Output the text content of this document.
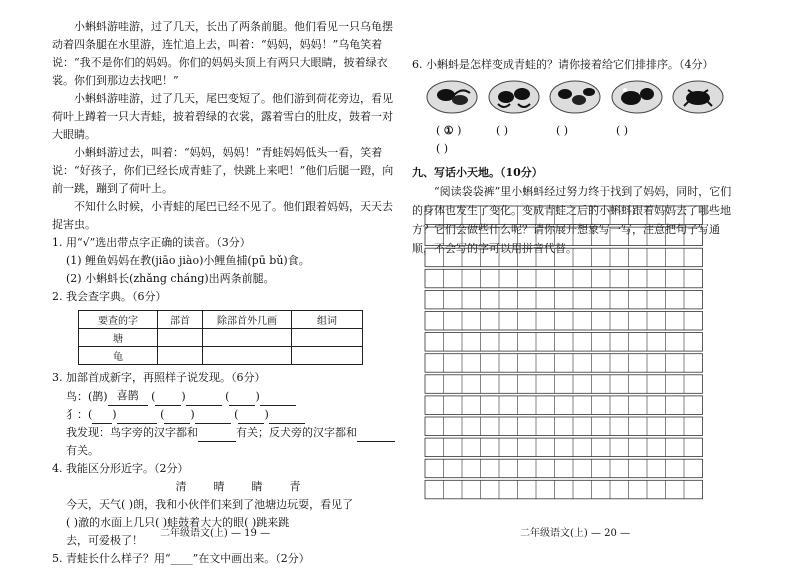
小蝌蚪游哇游，过了几天，长出了两条前腿。他们看见一只乌龟摆动着四条腿在水里游，连忙追上去，叫着：“妈妈，妈妈！”乌龟笑着说：“我不是你们的妈妈。你们的妈妈头顶上有两只大眼睛，披着绿衣裳。你们到那边去找吧！”

小蝌蚪游哇游，过了几天，尾巴变短了。他们游到荷花旁边，看见荷叶上蹲着一只大青蛙，披着碧绿的衣裳，露着雪白的肚皮，鼓着一对大眼睛。

小蝌蚪游过去，叫着：“妈妈，妈妈！”青蛙妈妈低头一看，笑着说：“好孩子，你们已经长成青蛙了，快跳上来吧！”他们后腿一蹬，向前一跳，蹦到了荷叶上。

不知什么时候，小青蛙的尾巴已经不见了。他们跟着妈妈，天天去捉害虫。

1. 用“√”选出带点字正确的读音。（3分）

(1) 鲤鱼妈妈在教(jiāo jiào)小鲤鱼捕(pū bǔ)食。

(2) 小蝌蚪长(zhǎng cháng)出两条前腿。

2. 我会查字典。（6分）

要查的字	部首	除部首外几画	组词
塘			
龟			

3. 加部首成新字，再照样子说发现。（6分）

鸟：(鹊) 喜鹊 ( )	( )

犭：( )	( )	( )

我发现：鸟字旁的汉字都和	有关；反犬旁的汉字都和

有关。

4. 我能区分形近字。（2分）

清 晴 睛 青

今天，天气( )朗，我和小伙伴们来到了池塘边玩耍，看见了

( )澈的水面上几只( )蛙鼓着大大的眼( )跳来跳

去，可爱极了！

5. 青蛙长什么样子？用“____”在文中画出来。（2分）

二年级语文(上) — 19 —

6. 小蝌蚪是怎样变成青蛙的？请你接着给它们排排序。（4分）

( ① )	( )	( )	( )( )

九、写话小天地。（10分）

“阅读袋袋裤”里小蝌蚪经过努力终于找到了妈妈，同时，它们的身体也发生了变化。变成青蛙之后的小蝌蚪跟着妈妈去了哪些地方？它们会做些什么呢？请你展开想象写一写，注意把句子写通顺，不会写的字可以用拼音代替。

二年级语文(上) — 20 —
